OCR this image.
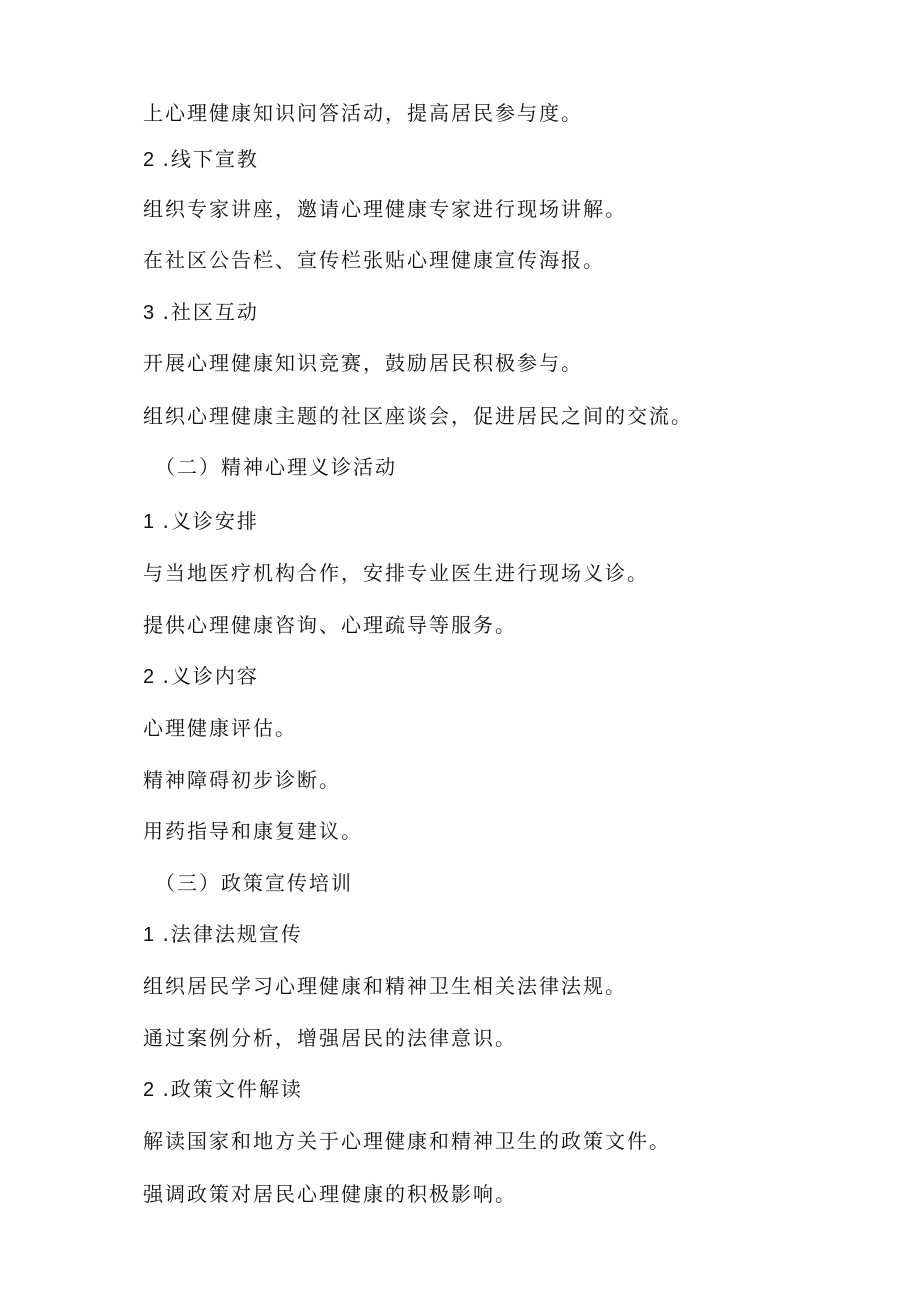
上心理健康知识问答活动，提高居民参与度。
2 .线下宣教
组织专家讲座，邀请心理健康专家进行现场讲解。
在社区公告栏、宣传栏张贴心理健康宣传海报。
3 .社区互动
开展心理健康知识竞赛，鼓励居民积极参与。
组织心理健康主题的社区座谈会，促进居民之间的交流。
（二）精神心理义诊活动
1 .义诊安排
与当地医疗机构合作，安排专业医生进行现场义诊。
提供心理健康咨询、心理疏导等服务。
2 .义诊内容
心理健康评估。
精神障碍初步诊断。
用药指导和康复建议。
（三）政策宣传培训
1 .法律法规宣传
组织居民学习心理健康和精神卫生相关法律法规。
通过案例分析，增强居民的法律意识。
2 .政策文件解读
解读国家和地方关于心理健康和精神卫生的政策文件。
强调政策对居民心理健康的积极影响。
